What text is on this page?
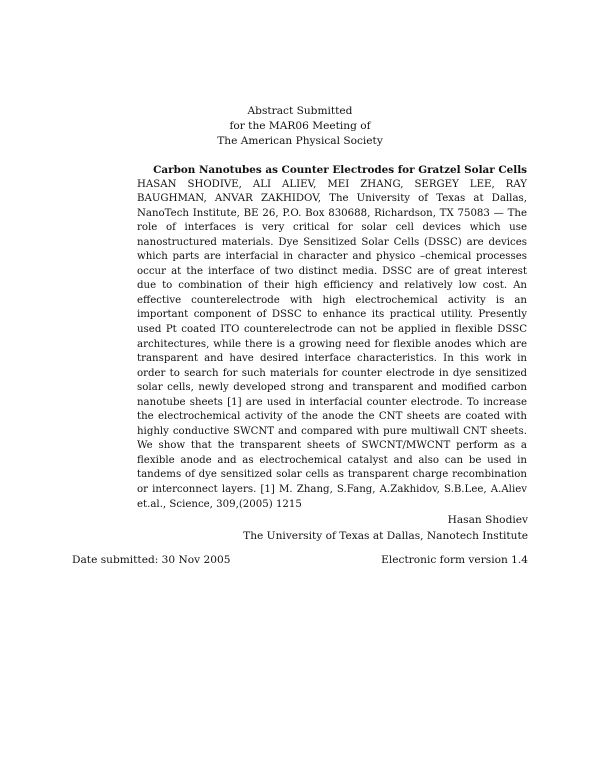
Abstract Submitted
for the MAR06 Meeting of
The American Physical Society
Carbon Nanotubes as Counter Electrodes for Gratzel Solar Cells
HASAN SHODIVE, ALI ALIEV, MEI ZHANG, SERGEY LEE, RAY BAUGHMAN, ANVAR ZAKHIDOV, The University of Texas at Dallas, NanoTech Institute, BE 26, P.O. Box 830688, Richardson, TX 75083 — The role of interfaces is very critical for solar cell devices which use nanostructured materials. Dye Sensitized Solar Cells (DSSC) are devices which parts are interfacial in character and physico –chemical processes occur at the interface of two distinct media. DSSC are of great interest due to combination of their high efficiency and relatively low cost. An effective counterelectrode with high electrochemical activity is an important component of DSSC to enhance its practical utility. Presently used Pt coated ITO counterelectrode can not be applied in flexible DSSC architectures, while there is a growing need for flexible anodes which are transparent and have desired interface characteristics. In this work in order to search for such materials for counter electrode in dye sensitized solar cells, newly developed strong and transparent and modified carbon nanotube sheets [1] are used in interfacial counter electrode. To increase the electrochemical activity of the anode the CNT sheets are coated with highly conductive SWCNT and compared with pure multiwall CNT sheets. We show that the transparent sheets of SWCNT/MWCNT perform as a flexible anode and as electrochemical catalyst and also can be used in tandems of dye sensitized solar cells as transparent charge recombination or interconnect layers. [1] M. Zhang, S.Fang, A.Zakhidov, S.B.Lee, A.Aliev et.al., Science, 309,(2005) 1215
Hasan Shodiev
The University of Texas at Dallas, Nanotech Institute
Date submitted: 30 Nov 2005	Electronic form version 1.4
